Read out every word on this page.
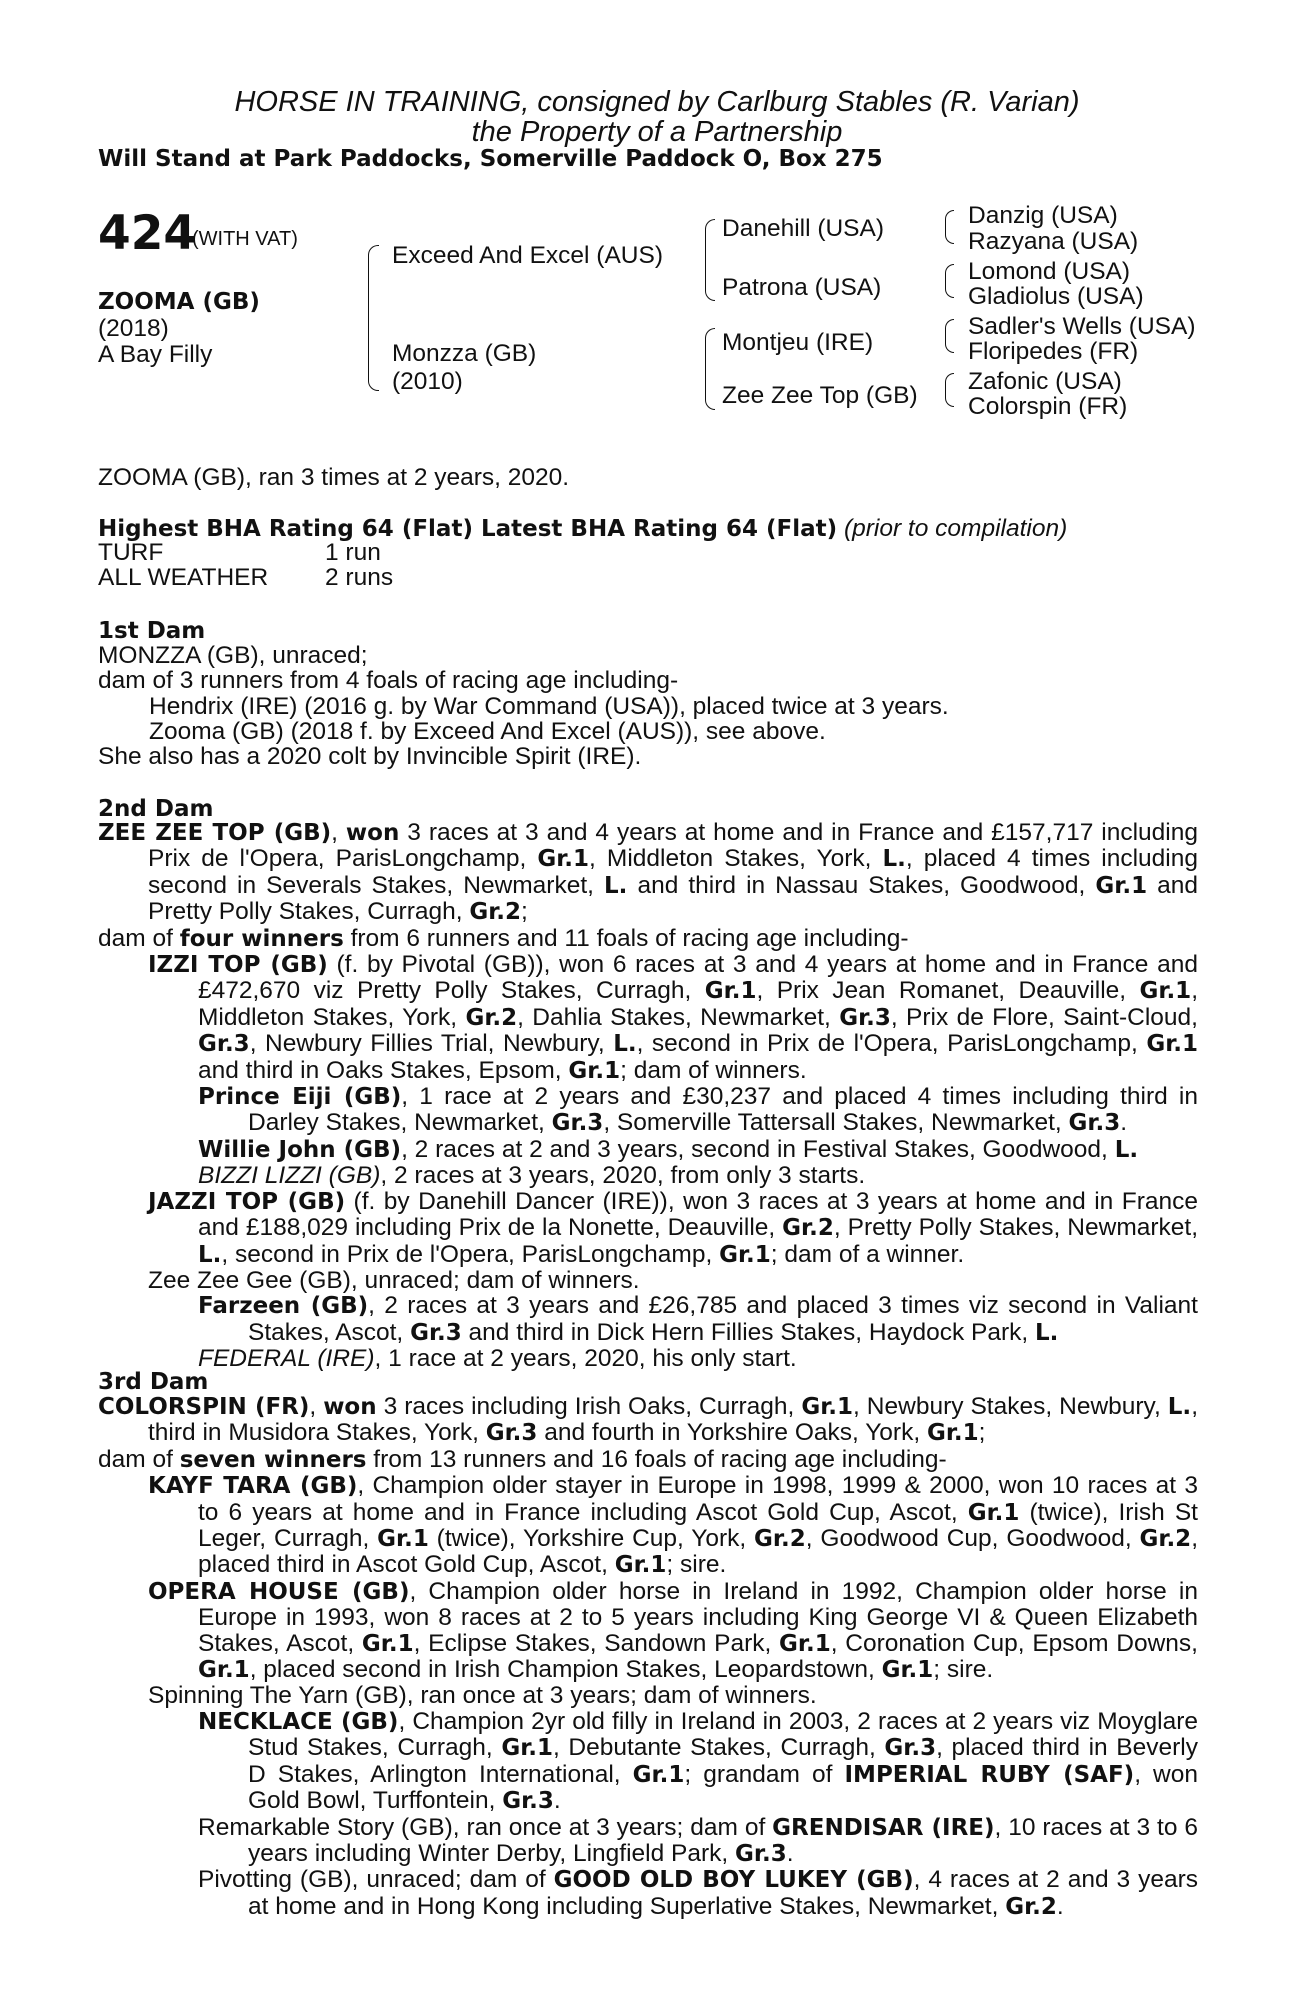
HORSE IN TRAINING, consigned by Carlburg Stables (R. Varian)
the Property of a Partnership
Will Stand at Park Paddocks, Somerville Paddock O, Box 275
424
(WITH VAT)
ZOOMA (GB)
(2018)
A Bay Filly
Exceed And Excel (AUS)
Monzza (GB)
(2010)
Danehill (USA)
Patrona (USA)
Montjeu (IRE)
Zee Zee Top (GB)
Danzig (USA)
Razyana (USA)
Lomond (USA)
Gladiolus (USA)
Sadler's Wells (USA)
Floripedes (FR)
Zafonic (USA)
Colorspin (FR)
ZOOMA (GB), ran 3 times at 2 years, 2020.
Highest BHA Rating 64 (Flat) Latest BHA Rating 64 (Flat) (prior to compilation)
TURF	1 run
ALL WEATHER 2 runs
1st Dam
MONZZA (GB), unraced;
dam of 3 runners from 4 foals of racing age including-
Hendrix (IRE) (2016 g. by War Command (USA)), placed twice at 3 years.
Zooma (GB) (2018 f. by Exceed And Excel (AUS)), see above.
She also has a 2020 colt by Invincible Spirit (IRE).
2nd Dam

ZEE ZEE TOP (GB), won 3 races at 3 and 4 years at home and in France and £157,717 including Prix de l'Opera, ParisLongchamp, Gr.1, Middleton Stakes, York, L., placed 4 times including second in Severals Stakes, Newmarket, L. and third in Nassau Stakes, Goodwood, Gr.1 and Pretty Polly Stakes, Curragh, Gr.2;

dam of four winners from 6 runners and 11 foals of racing age including-

IZZI TOP (GB) (f. by Pivotal (GB)), won 6 races at 3 and 4 years at home and in France and £472,670 viz Pretty Polly Stakes, Curragh, Gr.1, Prix Jean Romanet, Deauville, Gr.1, Middleton Stakes, York, Gr.2, Dahlia Stakes, Newmarket, Gr.3, Prix de Flore, Saint-Cloud, Gr.3, Newbury Fillies Trial, Newbury, L., second in Prix de l'Opera, ParisLongchamp, Gr.1 and third in Oaks Stakes, Epsom, Gr.1; dam of winners.

Prince Eiji (GB), 1 race at 2 years and £30,237 and placed 4 times including third in Darley Stakes, Newmarket, Gr.3, Somerville Tattersall Stakes, Newmarket, Gr.3.

Willie John (GB), 2 races at 2 and 3 years, second in Festival Stakes, Goodwood, L.

BIZZI LIZZI (GB), 2 races at 3 years, 2020, from only 3 starts.

JAZZI TOP (GB) (f. by Danehill Dancer (IRE)), won 3 races at 3 years at home and in France and £188,029 including Prix de la Nonette, Deauville, Gr.2, Pretty Polly Stakes, Newmarket, L., second in Prix de l'Opera, ParisLongchamp, Gr.1; dam of a winner.

Zee Zee Gee (GB), unraced; dam of winners.

Farzeen (GB), 2 races at 3 years and £26,785 and placed 3 times viz second in Valiant Stakes, Ascot, Gr.3 and third in Dick Hern Fillies Stakes, Haydock Park, L.

FEDERAL (IRE), 1 race at 2 years, 2020, his only start.

3rd Dam

COLORSPIN (FR), won 3 races including Irish Oaks, Curragh, Gr.1, Newbury Stakes, Newbury, L., third in Musidora Stakes, York, Gr.3 and fourth in Yorkshire Oaks, York, Gr.1;

dam of seven winners from 13 runners and 16 foals of racing age including-

KAYF TARA (GB), Champion older stayer in Europe in 1998, 1999 & 2000, won 10 races at 3 to 6 years at home and in France including Ascot Gold Cup, Ascot, Gr.1 (twice), Irish St Leger, Curragh, Gr.1 (twice), Yorkshire Cup, York, Gr.2, Goodwood Cup, Goodwood, Gr.2, placed third in Ascot Gold Cup, Ascot, Gr.1; sire.

OPERA HOUSE (GB), Champion older horse in Ireland in 1992, Champion older horse in Europe in 1993, won 8 races at 2 to 5 years including King George VI & Queen Elizabeth Stakes, Ascot, Gr.1, Eclipse Stakes, Sandown Park, Gr.1, Coronation Cup, Epsom Downs, Gr.1, placed second in Irish Champion Stakes, Leopardstown, Gr.1; sire.

Spinning The Yarn (GB), ran once at 3 years; dam of winners.

NECKLACE (GB), Champion 2yr old filly in Ireland in 2003, 2 races at 2 years viz Moyglare Stud Stakes, Curragh, Gr.1, Debutante Stakes, Curragh, Gr.3, placed third in Beverly D Stakes, Arlington International, Gr.1; grandam of IMPERIAL RUBY (SAF), won Gold Bowl, Turffontein, Gr.3.

Remarkable Story (GB), ran once at 3 years; dam of GRENDISAR (IRE), 10 races at 3 to 6 years including Winter Derby, Lingfield Park, Gr.3.

Pivotting (GB), unraced; dam of GOOD OLD BOY LUKEY (GB), 4 races at 2 and 3 years at home and in Hong Kong including Superlative Stakes, Newmarket, Gr.2.
